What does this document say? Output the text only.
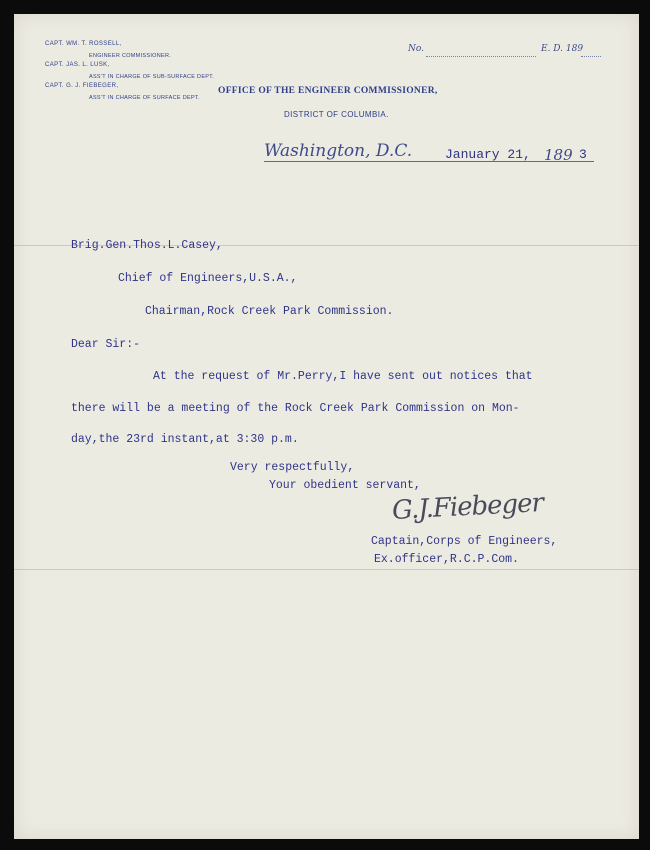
CAPT. WM. T. ROSSELL,
ENGINEER COMMISSIONER.
CAPT. JAS. L. LUSK,
ASS'T IN CHARGE OF SUB-SURFACE DEPT.
CAPT. G. J. FIEBEGER,
ASS'T IN CHARGE OF SURFACE DEPT.
OFFICE OF THE ENGINEER COMMISSIONER,
DISTRICT OF COLUMBIA.
No.	E. D. 189
Washington, D.C.	January 21, 189 3
Brig.Gen.Thos.L.Casey,
Chief of Engineers,U.S.A.,
Chairman,Rock Creek Park Commission.
Dear Sir:-
At the request of Mr.Perry,I have sent out notices that
there will be a meeting of the Rock Creek Park Commission on Mon-
day,the 23rd instant,at 3:30 p.m.
Very respectfully,
Your obedient servant,
G.J.Fiebeger
Captain,Corps of Engineers,
Ex.officer,R.C.P.Com.
